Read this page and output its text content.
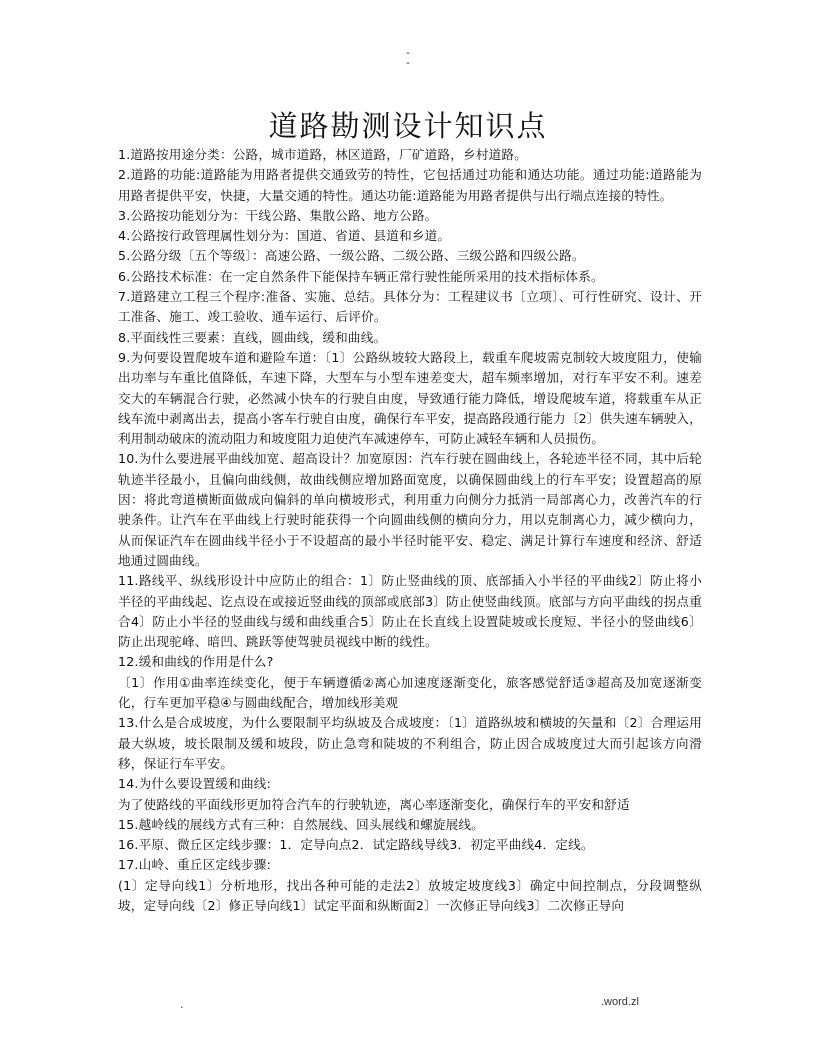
-
-
道路勘测设计知识点

1.道路按用途分类：公路，城市道路，林区道路，厂矿道路，乡村道路。

2.道路的功能:道路能为用路者提供交通致劳的特性，它包括通过功能和通达功能。通过功能:道路能为用路者提供平安，快捷，大量交通的特性。通达功能:道路能为用路者提供与出行端点连接的特性。

3.公路按功能划分为：干线公路、集散公路、地方公路。

4.公路按行政管理属性划分为：国道、省道、县道和乡道。

5.公路分级〔五个等级〕：高速公路、一级公路、二级公路、三级公路和四级公路。

6.公路技术标准：在一定自然条件下能保持车辆正常行驶性能所采用的技术指标体系。

7.道路建立工程三个程序:准备、实施、总结。具体分为：工程建议书〔立项〕、可行性研究、设计、开工准备、施工、竣工验收、通车运行、后评价。

8.平面线性三要素：直线，圆曲线，缓和曲线。

9.为何要设置爬坡车道和避险车道：〔1〕公路纵坡较大路段上，载重车爬坡需克制较大坡度阻力，使输出功率与车重比值降低，车速下降，大型车与小型车速差变大，超车频率增加，对行车平安不利。速差交大的车辆混合行驶，必然减小快车的行驶自由度，导致通行能力降低，增设爬坡车道，将载重车从正线车流中剥离出去，提高小客车行驶自由度，确保行车平安，提高路段通行能力〔2〕供失速车辆驶入，利用制动破床的流动阻力和坡度阻力迫使汽车减速停车，可防止减轻车辆和人员损伤。

10.为什么要进展平曲线加宽、超高设计？加宽原因：汽车行驶在圆曲线上，各轮迹半径不同，其中后轮轨迹半径最小，且偏向曲线侧，故曲线侧应增加路面宽度，以确保圆曲线上的行车平安；设置超高的原因：将此弯道横断面做成向偏斜的单向横坡形式，利用重力向侧分力抵消一局部离心力，改善汽车的行驶条件。让汽车在平曲线上行驶时能获得一个向圆曲线侧的横向分力，用以克制离心力，减少横向力，从而保证汽车在圆曲线半径小于不设超高的最小半径时能平安、稳定、满足计算行车速度和经济、舒适地通过圆曲线。

11.路线平、纵线形设计中应防止的组合：1〕防止竖曲线的顶、底部插入小半径的平曲线2〕防止将小半径的平曲线起、讫点设在或接近竖曲线的顶部或底部3〕防止使竖曲线顶。底部与方向平曲线的拐点重合4〕防止小半径的竖曲线与缓和曲线重合5〕防止在长直线上设置陡坡或长度短、半径小的竖曲线6〕防止出现驼峰、暗凹、跳跃等使驾驶员视线中断的线性。

12.缓和曲线的作用是什么?

〔1〕作用①曲率连续变化，便于车辆遵循②离心加速度逐渐变化，旅客感觉舒适③超高及加宽逐渐变化，行车更加平稳④与圆曲线配合，增加线形美观

13.什么是合成坡度，为什么要限制平均纵坡及合成坡度：〔1〕道路纵坡和横坡的矢量和〔2〕合理运用最大纵坡，坡长限制及缓和坡段，防止急弯和陡坡的不利组合，防止因合成坡度过大而引起该方向滑移，保证行车平安。

14.为什么要设置缓和曲线:

为了使路线的平面线形更加符合汽车的行驶轨迹，离心率逐渐变化，确保行车的平安和舒适

15.越岭线的展线方式有三种：自然展线、回头展线和螺旋展线。

16.平原、微丘区定线步骤：1．定导向点2．试定路线导线3．初定平曲线4．定线。

17.山岭、重丘区定线步骤:

(1〕定导向线1〕分析地形，找出各种可能的走法2〕放坡定坡度线3〕确定中间控制点，分段调整纵坡，定导向线〔2〕修正导向线1〕试定平面和纵断面2〕一次修正导向线3〕二次修正导向

.	.word.zl
